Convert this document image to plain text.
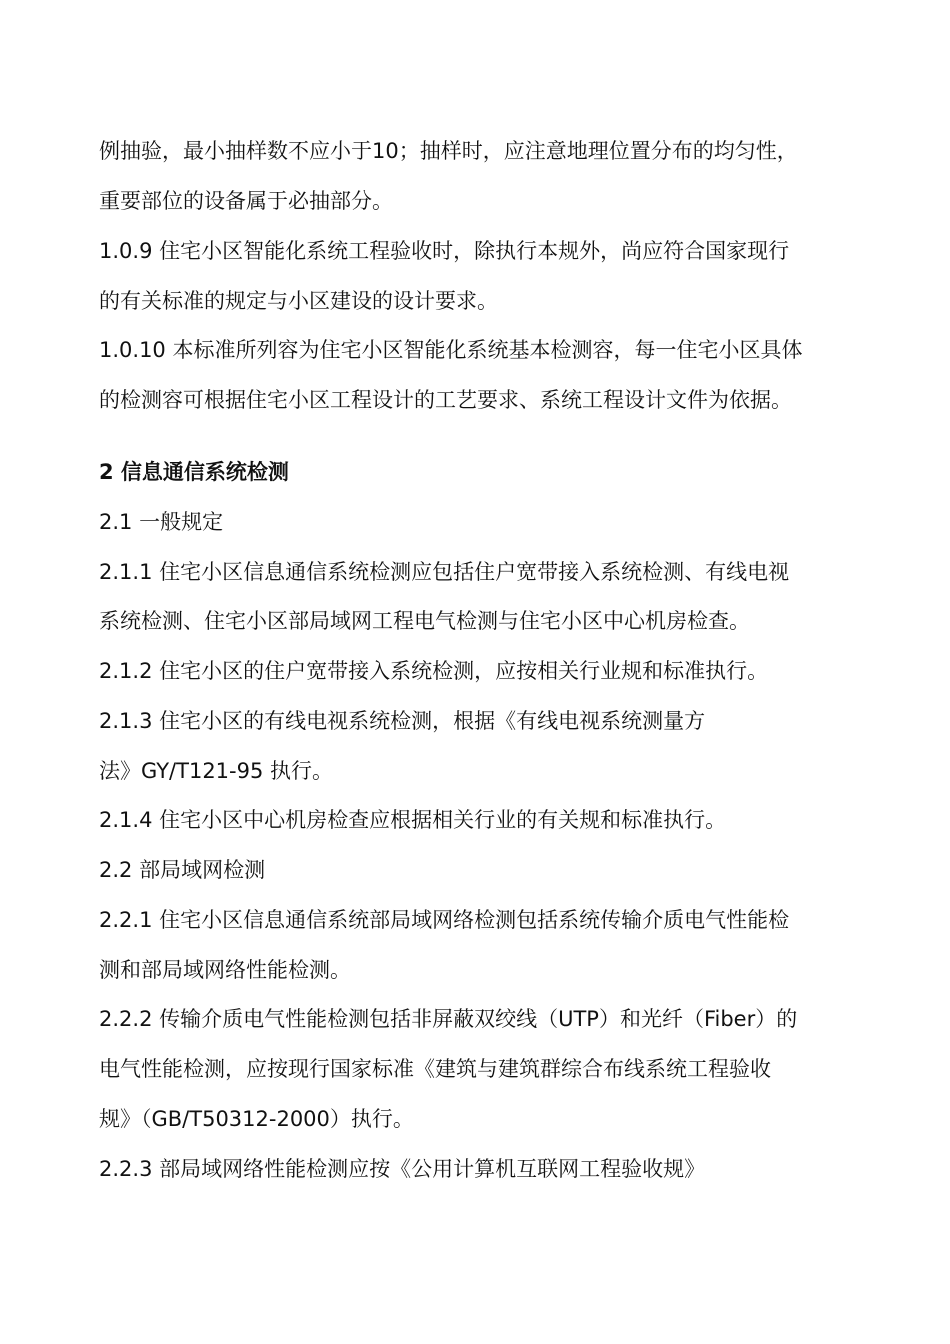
例抽验，最小抽样数不应小于10；抽样时，应注意地理位置分布的均匀性，
重要部位的设备属于必抽部分。
1.0.9 住宅小区智能化系统工程验收时，除执行本规外，尚应符合国家现行
的有关标准的规定与小区建设的设计要求。
1.0.10 本标准所列容为住宅小区智能化系统基本检测容，每一住宅小区具体
的检测容可根据住宅小区工程设计的工艺要求、系统工程设计文件为依据。
2 信息通信系统检测
2.1 一般规定
2.1.1 住宅小区信息通信系统检测应包括住户宽带接入系统检测、有线电视
系统检测、住宅小区部局域网工程电气检测与住宅小区中心机房检查。
2.1.2 住宅小区的住户宽带接入系统检测，应按相关行业规和标准执行。
2.1.3 住宅小区的有线电视系统检测，根据《有线电视系统测量方
法》GY/T121-95 执行。
2.1.4 住宅小区中心机房检查应根据相关行业的有关规和标准执行。
2.2 部局域网检测
2.2.1 住宅小区信息通信系统部局域网络检测包括系统传输介质电气性能检
测和部局域网络性能检测。
2.2.2 传输介质电气性能检测包括非屏蔽双绞线（UTP）和光纤（Fiber）的
电气性能检测，应按现行国家标准《建筑与建筑群综合布线系统工程验收
规》（GB/T50312-2000）执行。
2.2.3 部局域网络性能检测应按《公用计算机互联网工程验收规》
